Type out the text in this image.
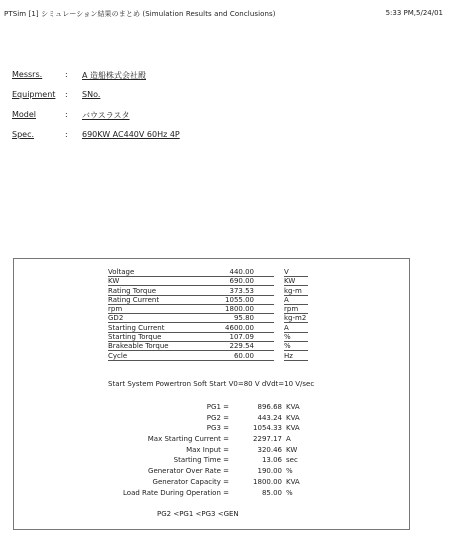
PTSim [1] シミュレーション結果のまとめ (Simulation Results and Conclusions)	5:33 PM,5/24/01
Messrs.	: A 造船株式会社殿
Equipment : SNo.
Model	: バウスラスタ
Spec.	: 690KW AC440V 60Hz 4P
Voltage	440.00	V
KW	690.00	KW
Rating Torque	373.53	kg-m
Rating Current	1055.00	A
rpm	1800.00	rpm
GD2	95.80	kg-m2
Starting Current	4600.00	A
Starting Torque	107.09	%
Brakeable Torque	229.54	%
Cycle	60.00	Hz
Start System Powertron Soft Start V0=80 V dVdt=10 V/sec
PG1 =	896.68 KVA
PG2 =	443.24 KVA
PG3 =	1054.33 KVA
Max Starting Current =	2297.17 A
Max Input =	320.46 KW
Starting Time =	13.06 sec
Generator Over Rate =	190.00 %
Generator Capacity =	1800.00 KVA
Load Rate During Operation =	85.00 %
PG2 <PG1 <PG3 <GEN
